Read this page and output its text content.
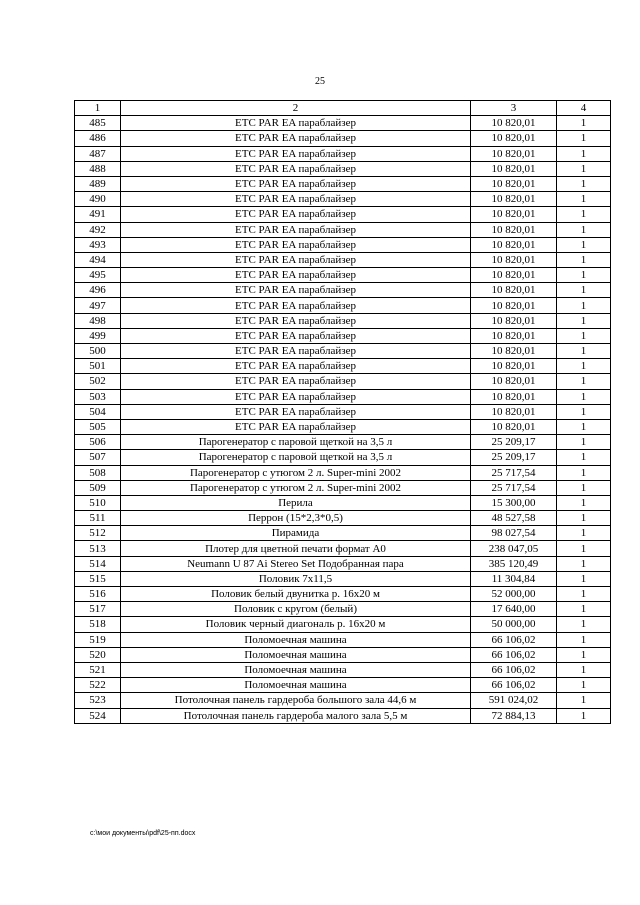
25
1	2	3	4
485	ETC PAR EA параблайзер	10 820,01	1
486	ETC PAR EA параблайзер	10 820,01	1
487	ETC PAR EA параблайзер	10 820,01	1
488	ETC PAR EA параблайзер	10 820,01	1
489	ETC PAR EA параблайзер	10 820,01	1
490	ETC PAR EA параблайзер	10 820,01	1
491	ETC PAR EA параблайзер	10 820,01	1
492	ETC PAR EA параблайзер	10 820,01	1
493	ETC PAR EA параблайзер	10 820,01	1
494	ETC PAR EA параблайзер	10 820,01	1
495	ETC PAR EA параблайзер	10 820,01	1
496	ETC PAR EA параблайзер	10 820,01	1
497	ETC PAR EA параблайзер	10 820,01	1
498	ETC PAR EA параблайзер	10 820,01	1
499	ETC PAR EA параблайзер	10 820,01	1
500	ETC PAR EA параблайзер	10 820,01	1
501	ETC PAR EA параблайзер	10 820,01	1
502	ETC PAR EA параблайзер	10 820,01	1
503	ETC PAR EA параблайзер	10 820,01	1
504	ETC PAR EA параблайзер	10 820,01	1
505	ETC PAR EA параблайзер	10 820,01	1
506	Парогенератор с паровой щеткой на 3,5 л	25 209,17	1
507	Парогенератор с паровой щеткой на 3,5 л	25 209,17	1
508	Парогенератор с утюгом 2 л. Super-mini 2002	25 717,54	1
509	Парогенератор с утюгом 2 л. Super-mini 2002	25 717,54	1
510	Перила	15 300,00	1
511	Перрон (15*2,3*0,5)	48 527,58	1
512	Пирамида	98 027,54	1
513	Плотер для цветной печати формат А0	238 047,05	1
514	Neumann U 87 Ai Stereo Set Подобранная пара	385 120,49	1
515	Половик 7х11,5	11 304,84	1
516	Половик белый двунитка р. 16х20 м	52 000,00	1
517	Половик с кругом (белый)	17 640,00	1
518	Половик черный диагональ р. 16х20 м	50 000,00	1
519	Поломоечная машина	66 106,02	1
520	Поломоечная машина	66 106,02	1
521	Поломоечная машина	66 106,02	1
522	Поломоечная машина	66 106,02	1
523	Потолочная панель гардероба большого зала 44,6 м	591 024,02	1
524	Потолочная панель гардероба малого зала 5,5 м	72 884,13	1
c:\мои документы\pdf\25-пп.docx
